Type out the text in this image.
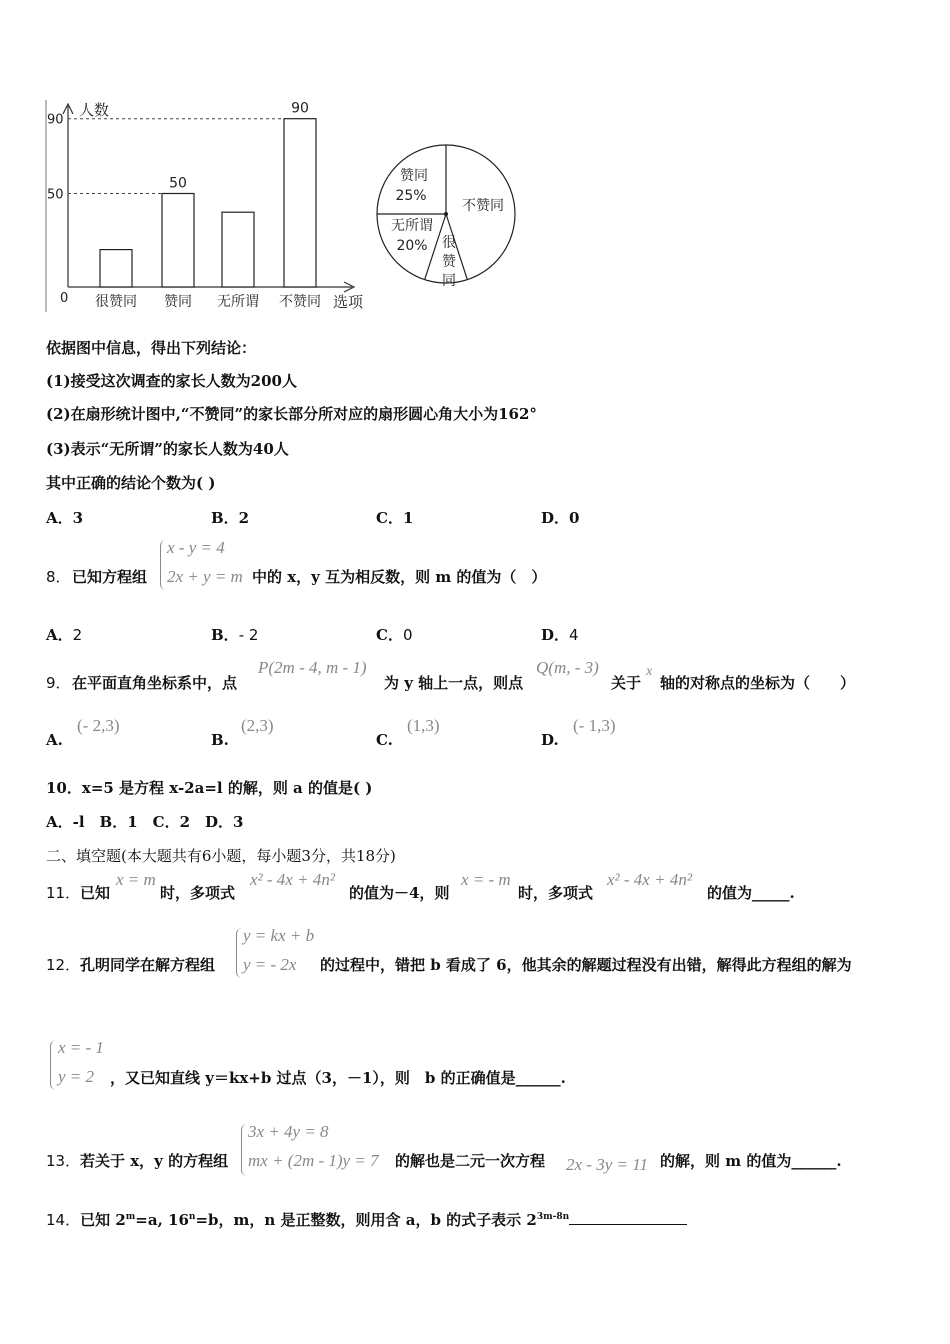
人数
选项
0
90
50
很赞同 赞同
50
无所谓 不赞同
90
赞同
25%
不赞同
无所谓
20% 很
赞
同
依据图中信息，得出下列结论：
(1)接受这次调查的家长人数为200人
(2)在扇形统计图中,“不赞同”的家长部分所对应的扇形圆心角大小为162°
(3)表示“无所谓”的家长人数为40人
其中正确的结论个数为( )
A．3	B．2	C．1	D．0
8． 已知方程组
x - y = 4
2x + y = m 中的 x，y 互为相反数，则 m 的值为（　）
A．2	B．- 2	C．0	D．4
9． 在平面直角坐标系中，点
P(2m - 4, m - 1)
为 y 轴上一点，则点
Q(m, - 3)
关于
x
轴的对称点的坐标为（　　）
A.
(- 2,3)
B.
(2,3)
C.
(1,3)
D.
(- 1,3)
10．x=5 是方程 x-2a=l 的解，则 a 的值是( )
A．-l　B．1　C．2　D．3
二、填空题(本大题共有6小题，每小题3分，共18分)
11． 已知
x = m
时，多项式
x² - 4x + 4n²
的值为－4，则
x = - m
时，多项式
x² - 4x + 4n²
的值为_____.
12． 孔明同学在解方程组
y = kx + b
y = - 2x 的过程中，错把 b 看成了 6，他其余的解题过程没有出错，解得此方程组的解为
x = - 1
y = 2 ，又已知直线 y＝kx+b 过点（3，－1），则　b 的正确值是______.
13． 若关于 x，y 的方程组
3x + 4y = 8
mx + (2m - 1)y = 7 的解也是二元一次方程 2x - 3y = 11 的解，则 m 的值为______.
14．已知 $2^m=a$, $16^n=b$，m，n 是正整数，则用含 a，b 的式子表示 $2^{3m-8n}$
